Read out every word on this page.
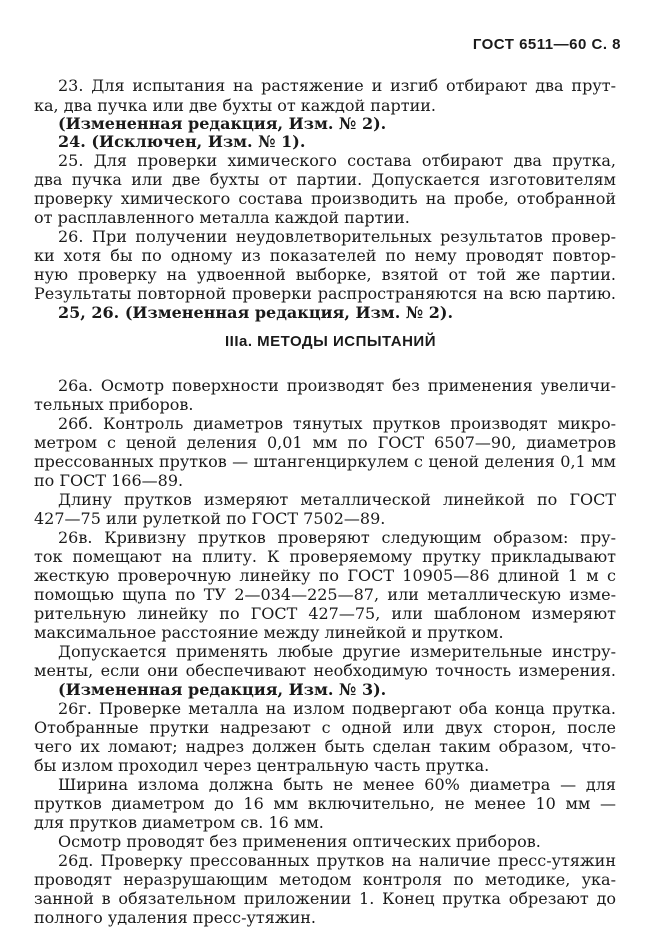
ГОСТ 6511—60 С. 8
23. Для испытания на растяжение и изгиб отбирают два прут-
ка, два пучка или две бухты от каждой партии.
(Измененная редакция, Изм. № 2).
24. (Исключен, Изм. № 1).
25. Для проверки химического состава отбирают два прутка,
два пучка или две бухты от партии. Допускается изготовителям
проверку химического состава производить на пробе, отобранной
от расплавленного металла каждой партии.
26. При получении неудовлетворительных результатов провер-
ки хотя бы по одному из показателей по нему проводят повтор-
ную проверку на удвоенной выборке, взятой от той же партии.
Результаты повторной проверки распространяются на всю партию.
25, 26. (Измененная редакция, Изм. № 2).
IIIа. МЕТОДЫ ИСПЫТАНИЙ
26а. Осмотр поверхности производят без применения увеличи-
тельных приборов.
26б. Контроль диаметров тянутых прутков производят микро-
метром с ценой деления 0,01 мм по ГОСТ 6507—90, диаметров
прессованных прутков — штангенциркулем с ценой деления 0,1 мм
по ГОСТ 166—89.
Длину прутков измеряют металлической линейкой по ГОСТ
427—75 или рулеткой по ГОСТ 7502—89.
26в. Кривизну прутков проверяют следующим образом: пру-
ток помещают на плиту. К проверяемому прутку прикладывают
жесткую проверочную линейку по ГОСТ 10905—86 длиной 1 м с
помощью щупа по ТУ 2—034—225—87, или металлическую изме-
рительную линейку по ГОСТ 427—75, или шаблоном измеряют
максимальное расстояние между линейкой и прутком.
Допускается применять любые другие измерительные инстру-
менты, если они обеспечивают необходимую точность измерения.
(Измененная редакция, Изм. № 3).
26г. Проверке металла на излом подвергают оба конца прутка.
Отобранные прутки надрезают с одной или двух сторон, после
чего их ломают; надрез должен быть сделан таким образом, что-
бы излом проходил через центральную часть прутка.
Ширина излома должна быть не менее 60% диаметра — для
прутков диаметром до 16 мм включительно, не менее 10 мм —
для прутков диаметром св. 16 мм.
Осмотр проводят без применения оптических приборов.
26д. Проверку прессованных прутков на наличие пресс-утяжин
проводят неразрушающим методом контроля по методике, ука-
занной в обязательном приложении 1. Конец прутка обрезают до
полного удаления пресс-утяжин.
